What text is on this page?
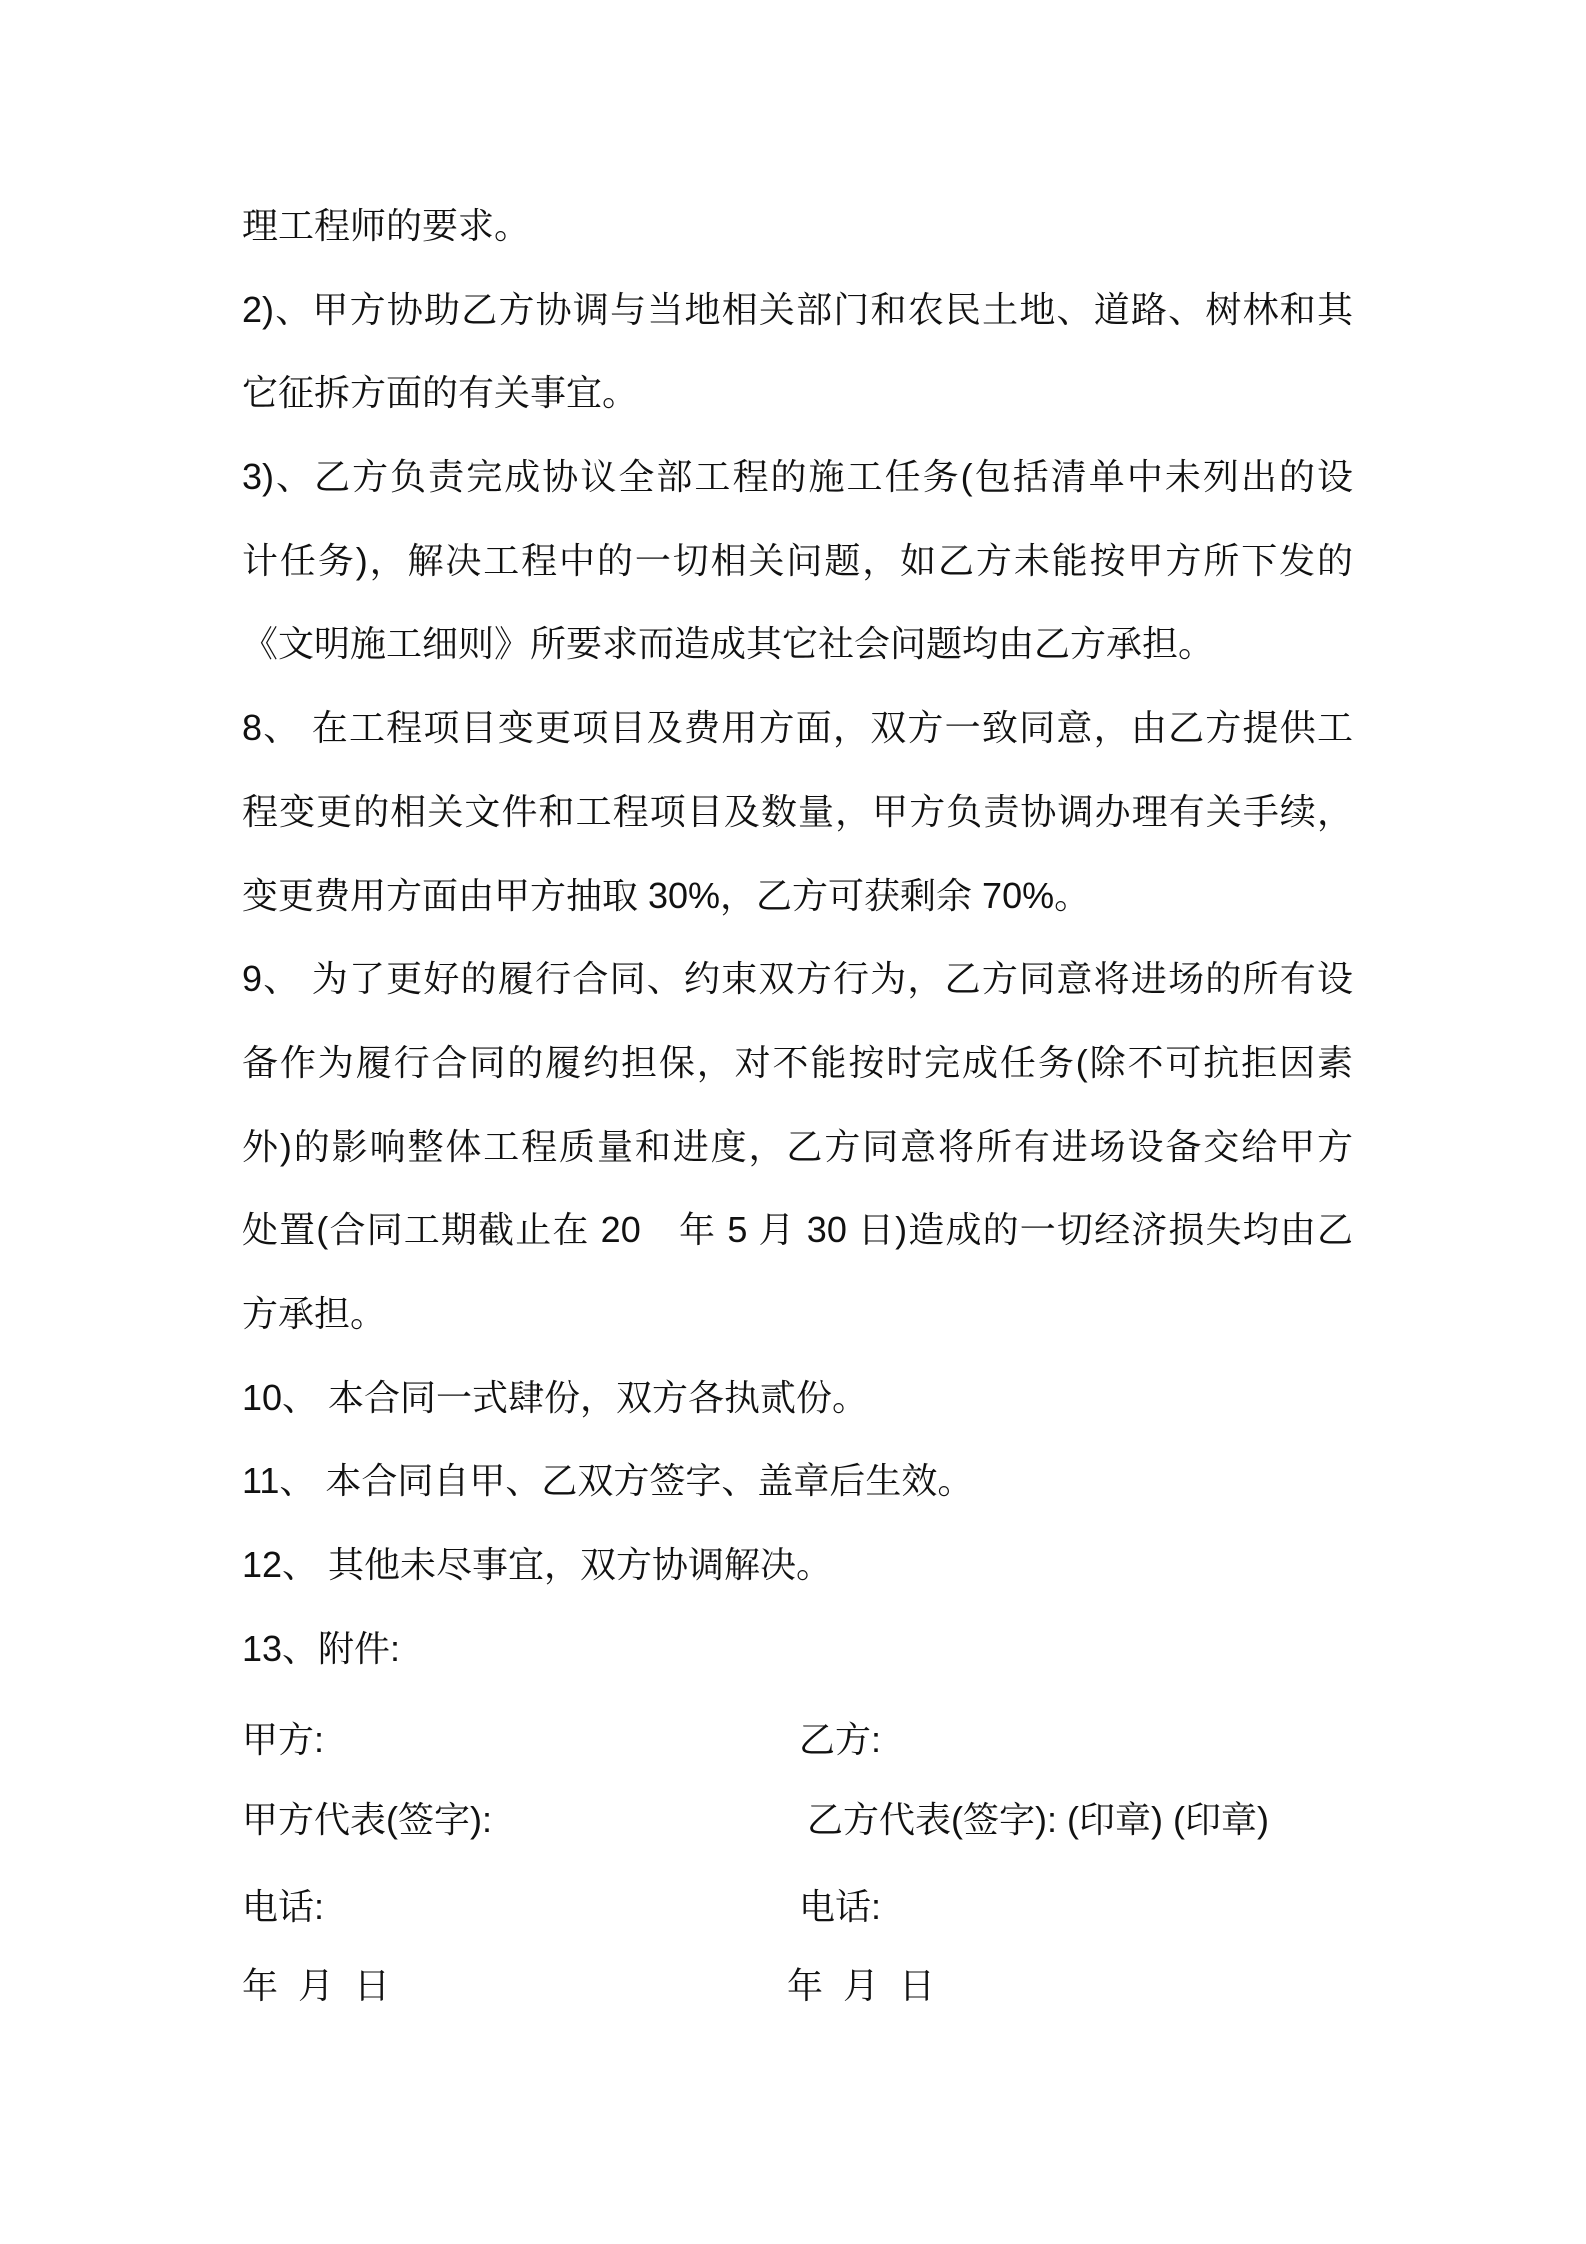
理工程师的要求。
2)、甲方协助乙方协调与当地相关部门和农民土地、道路、树林和其
它征拆方面的有关事宜。
3)、乙方负责完成协议全部工程的施工任务(包括清单中未列出的设
计任务)，解决工程中的一切相关问题，如乙方未能按甲方所下发的
《文明施工细则》所要求而造成其它社会问题均由乙方承担。
8、 在工程项目变更项目及费用方面，双方一致同意，由乙方提供工
程变更的相关文件和工程项目及数量，甲方负责协调办理有关手续，
变更费用方面由甲方抽取 30%，乙方可获剩余 70%。
9、 为了更好的履行合同、约束双方行为，乙方同意将进场的所有设
备作为履行合同的履约担保，对不能按时完成任务(除不可抗拒因素
外)的影响整体工程质量和进度，乙方同意将所有进场设备交给甲方
处置(合同工期截止在 20　年 5 月 30 日)造成的一切经济损失均由乙
方承担。
10、 本合同一式肆份，双方各执贰份。
11、 本合同自甲、乙双方签字、盖章后生效。
12、 其他未尽事宜，双方协调解决。
13、附件:
甲方:	乙方:
甲方代表(签字):	乙方代表(签字): (印章) (印章)
电话:	电话:
年 月 日	年 月 日
